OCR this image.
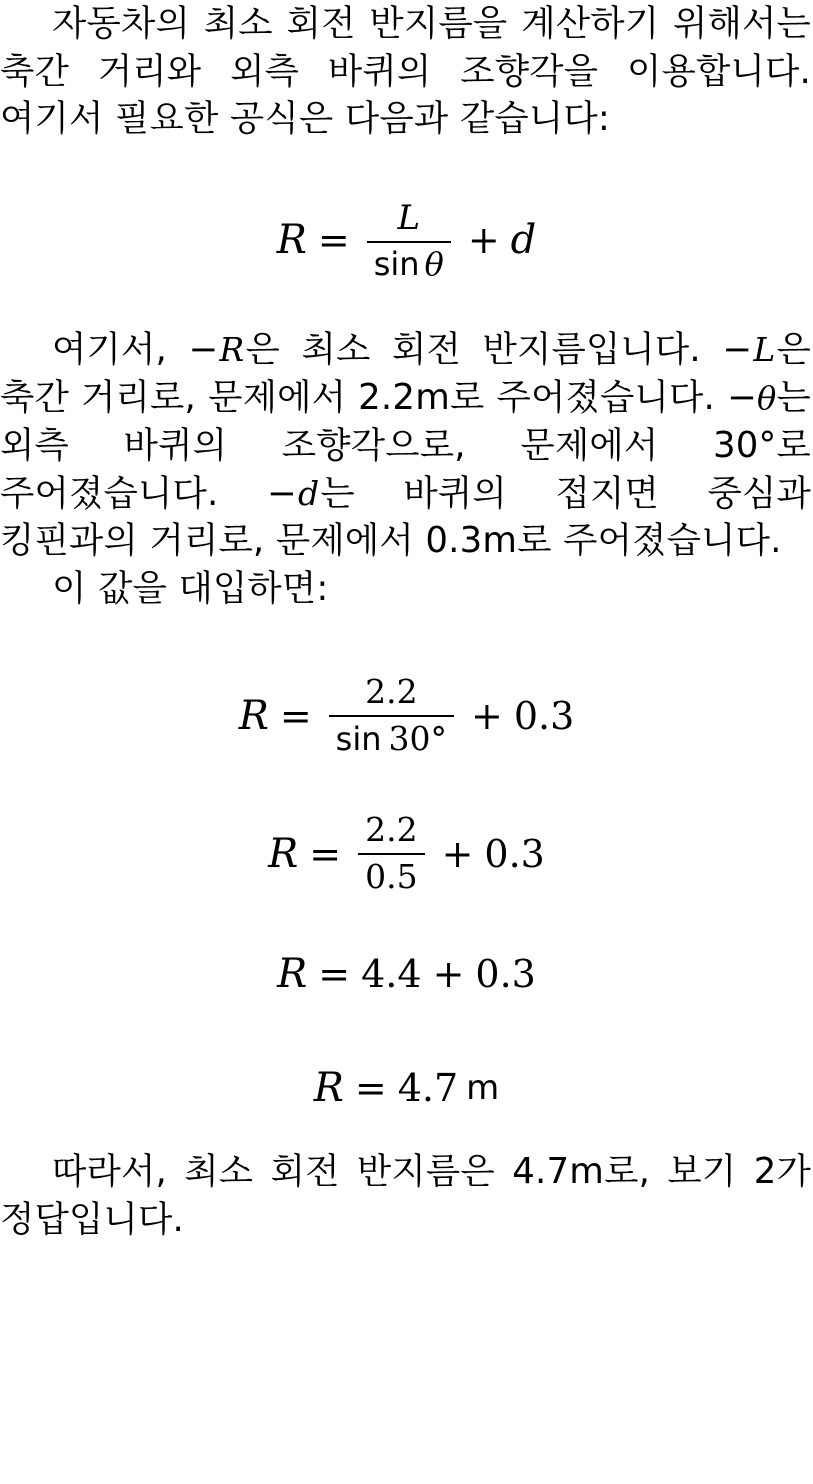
자동차의 최소 회전 반지름을 계산하기 위해서는 축간 거리와 외측 바퀴의 조향각을 이용합니다. 여기서 필요한 공식은 다음과 같습니다:

$R = \frac{L}{\text{sin θ}} + d$

여기서, −R은 최소 회전 반지름입니다. −L은 축간 거리로, 문제에서 2.2m로 주어졌습니다. −θ는 외측 바퀴의 조향각으로, 문제에서 30°로 주어졌습니다. −d는 바퀴의 접지면 중심과 킹핀과의 거리로, 문제에서 0.3m로 주어졌습니다.

이 값을 대입하면:

$R = \frac{2.2}{\sin 30^\circ} + 0.3$
$R = \frac{2.2}{0.5} + 0.3$
R = 4.4 + 0.3
R = 4.7 m

따라서, 최소 회전 반지름은 4.7m로, 보기 2가 정답입니다.
